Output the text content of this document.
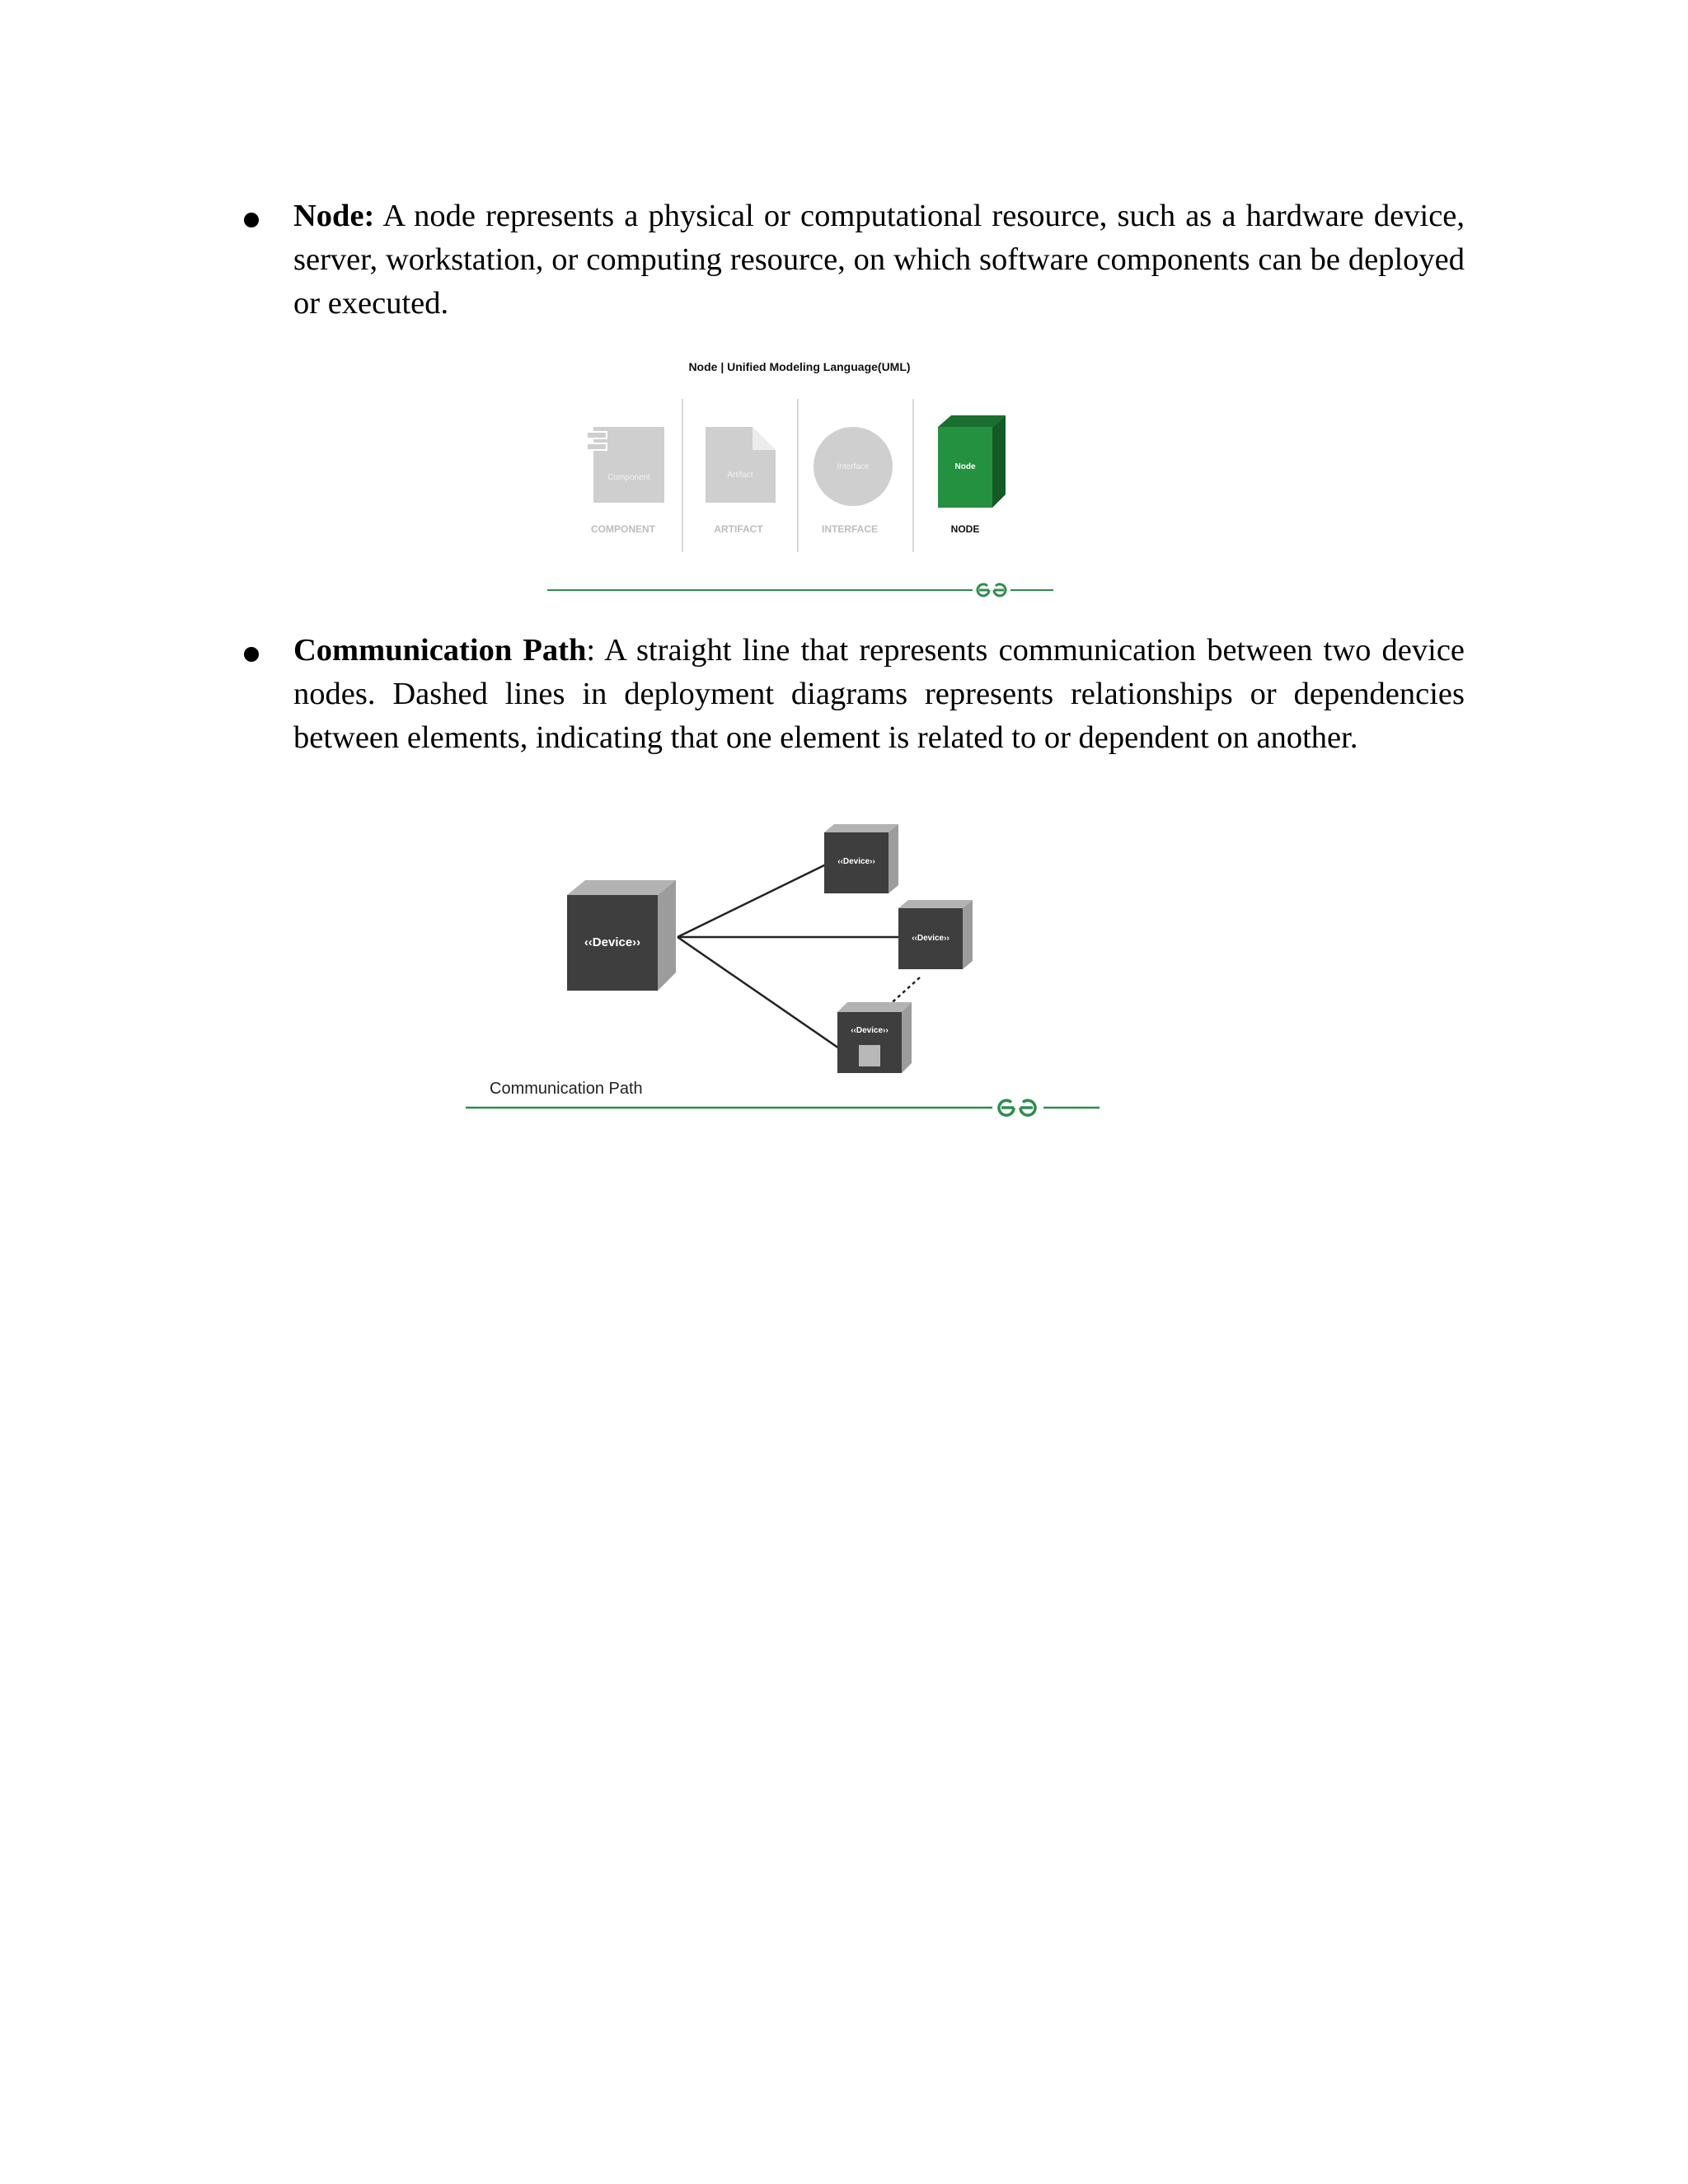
Node: A node represents a physical or computational resource, such as a hardware device, server, workstation, or computing resource, on which software components can be deployed or executed.

Node | Unified Modeling Language(UML)
Component
COMPONENT
Artifact
ARTIFACT
Interface
INTERFACE
Node
NODE

Communication Path: A straight line that represents communication between two device nodes. Dashed lines in deployment diagrams represents relationships or dependencies between elements, indicating that one element is related to or dependent on another.

‹‹Device››
‹‹Device››
‹‹Device››
‹‹Device››
Communication Path
